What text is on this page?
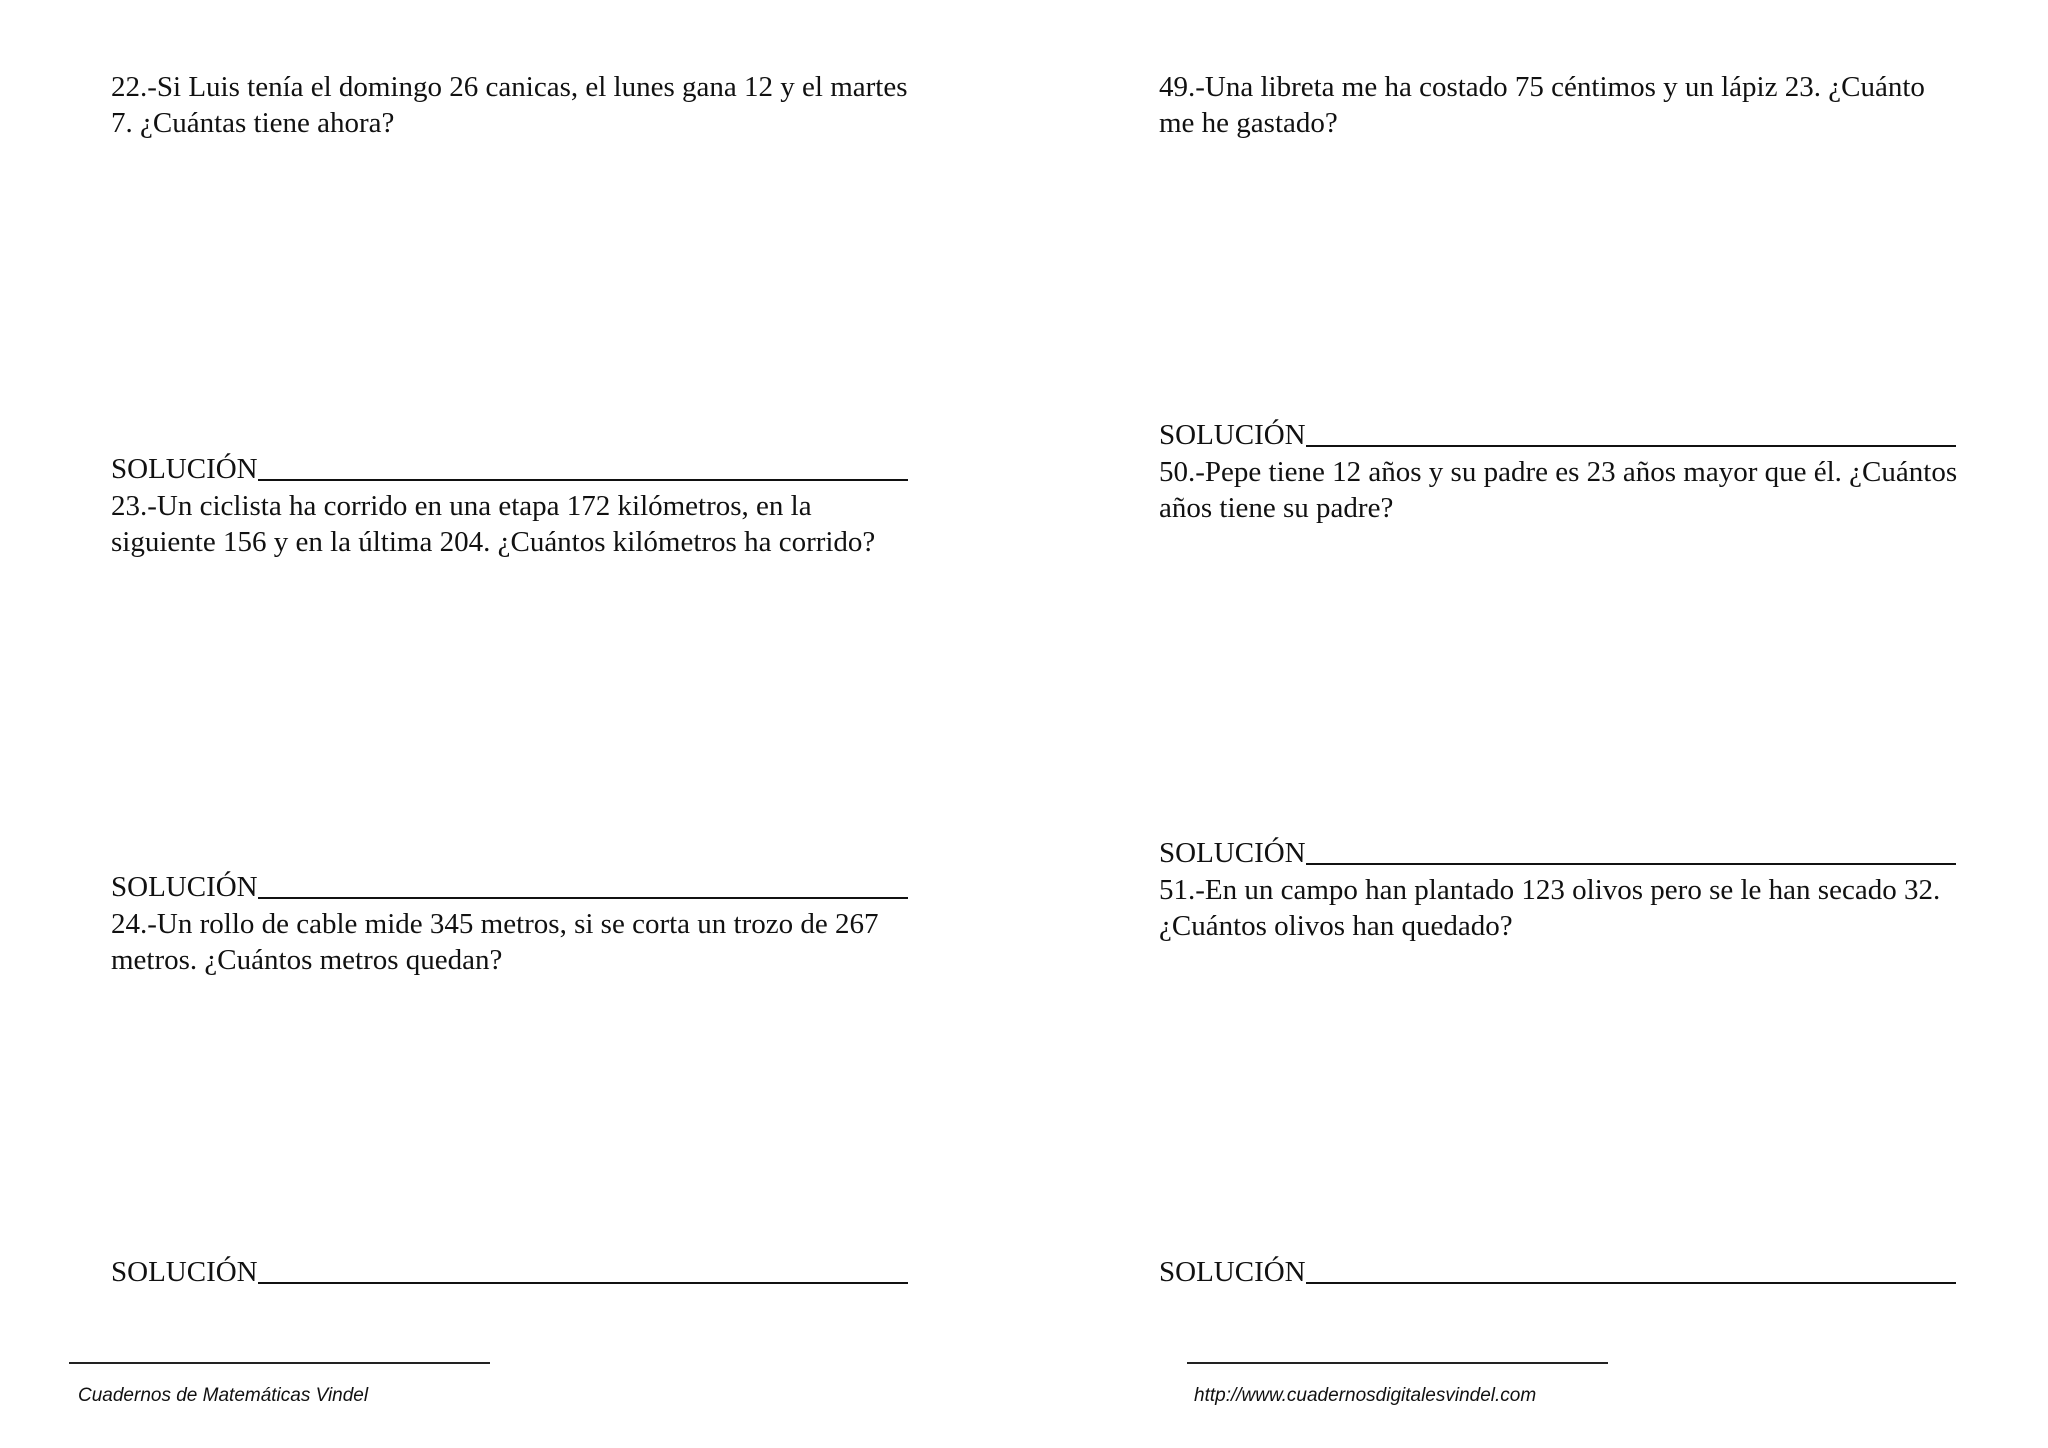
22.-Si Luis tenía el domingo 26 canicas, el lunes gana 12 y el martes
7. ¿Cuántas tiene ahora?

SOLUCIÓN

23.-Un ciclista ha corrido en una etapa 172 kilómetros, en la
siguiente 156 y en la última 204. ¿Cuántos kilómetros ha corrido?

SOLUCIÓN

24.-Un rollo de cable mide 345 metros, si se corta un trozo de 267
metros. ¿Cuántos metros quedan?

SOLUCIÓN

49.-Una libreta me ha costado 75 céntimos y un lápiz 23. ¿Cuánto
me he gastado?

SOLUCIÓN

50.-Pepe tiene 12 años y su padre es 23 años mayor que él. ¿Cuántos
años tiene su padre?

SOLUCIÓN

51.-En un campo han plantado 123 olivos pero se le han secado 32.
¿Cuántos olivos han quedado?

SOLUCIÓN
Cuadernos de Matemáticas Vindel	http://www.cuadernosdigitalesvindel.com
